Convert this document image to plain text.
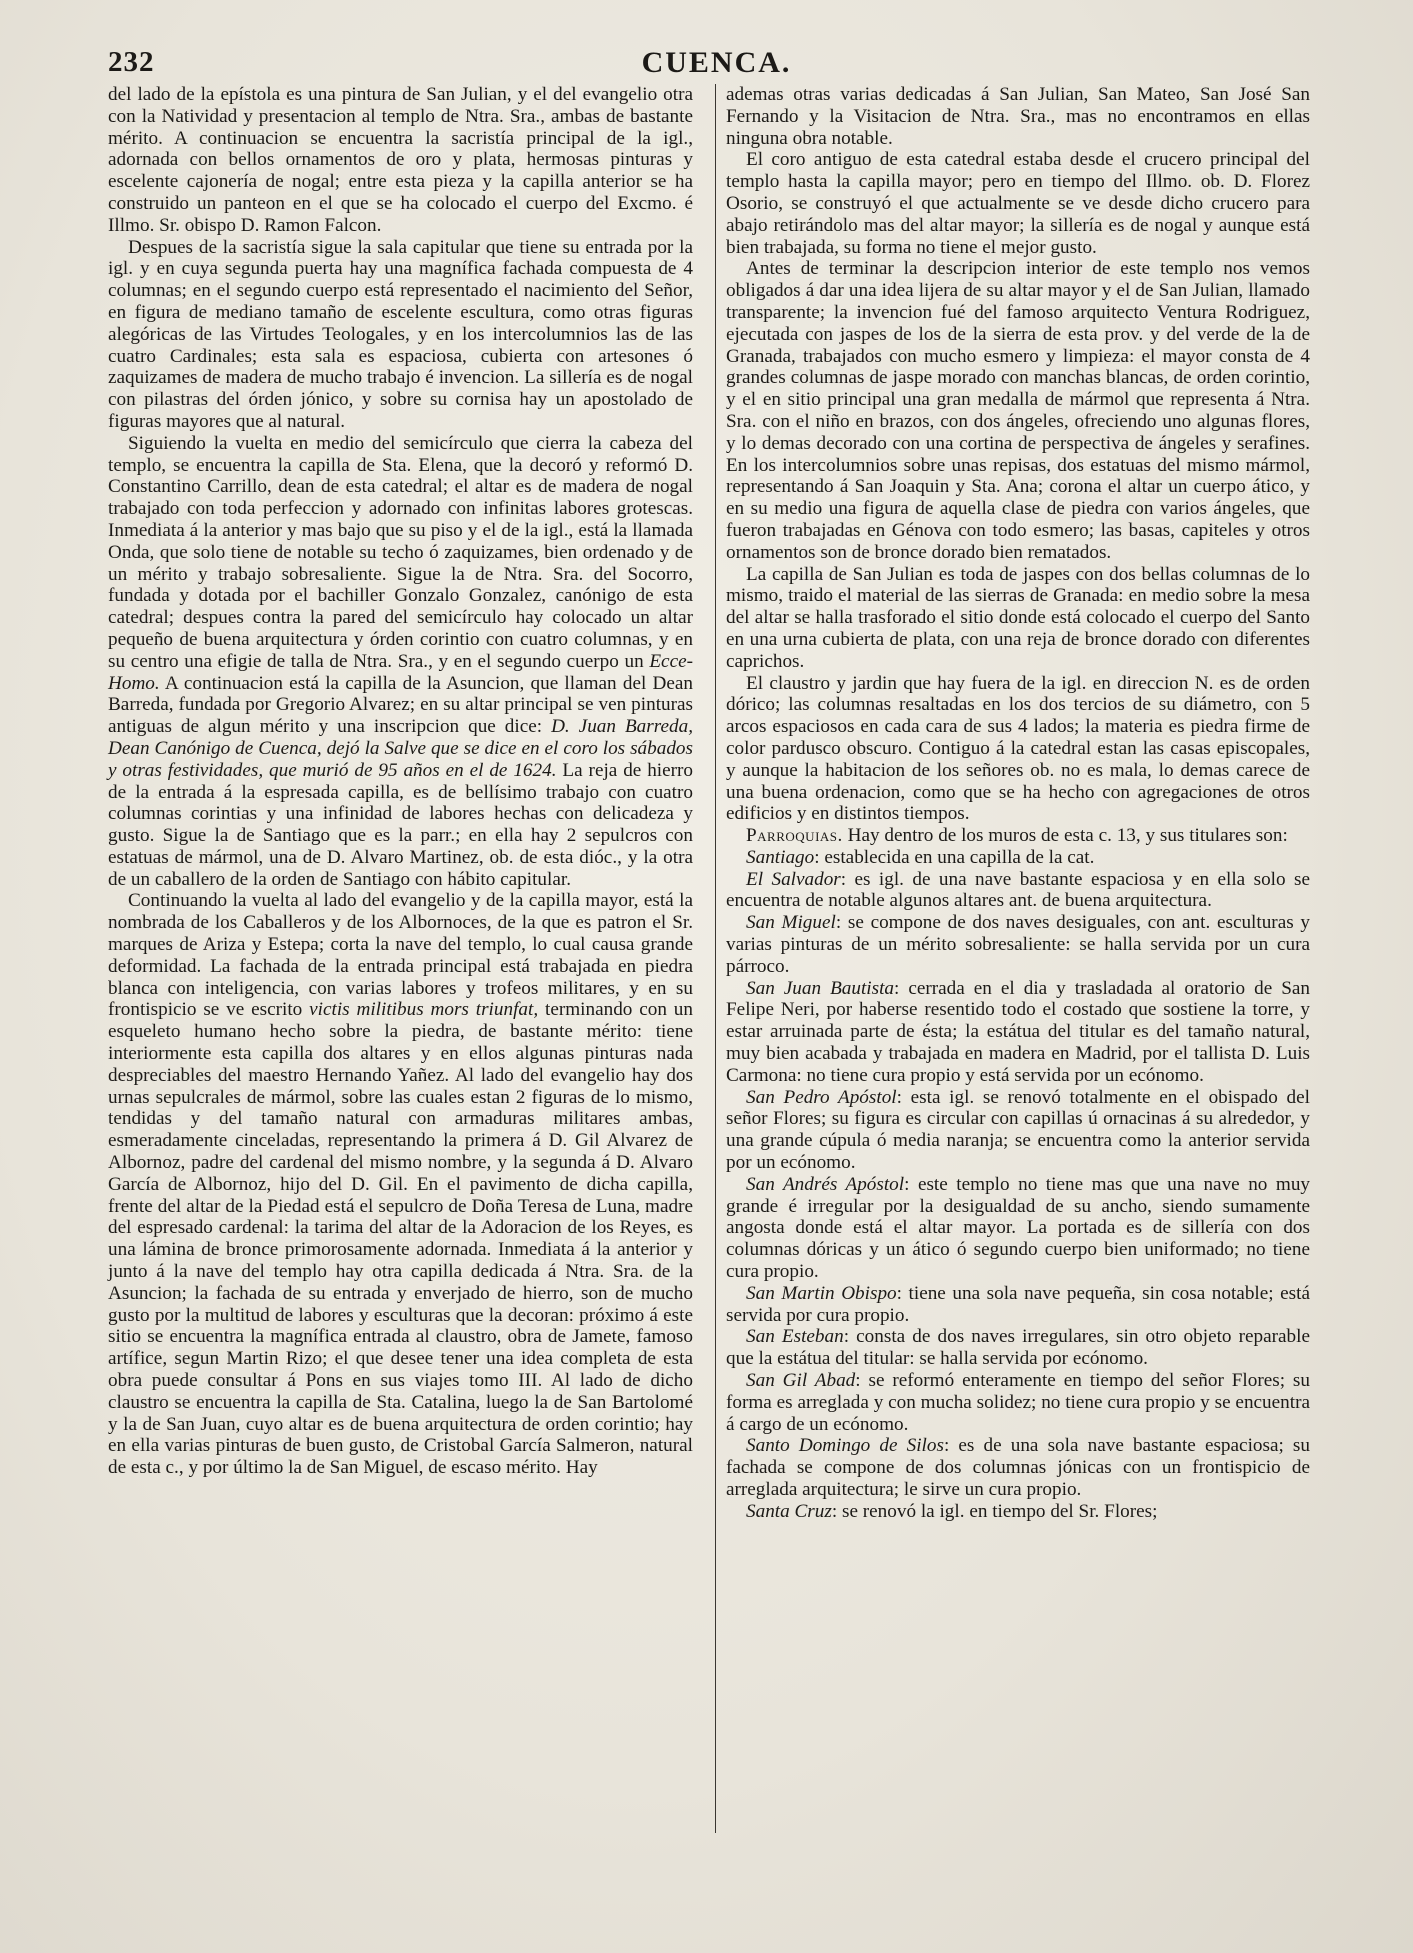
232	CUENCA.

del lado de la epístola es una pintura de San Julian, y el del evangelio otra con la Natividad y presentacion al templo de Ntra. Sra., ambas de bastante mérito. A continuacion se encuentra la sacristía principal de la igl., adornada con bellos ornamentos de oro y plata, hermosas pinturas y escelente cajonería de nogal; entre esta pieza y la capilla anterior se ha construido un panteon en el que se ha colocado el cuerpo del Excmo. é Illmo. Sr. obispo D. Ramon Falcon.

Despues de la sacristía sigue la sala capitular que tiene su entrada por la igl. y en cuya segunda puerta hay una magnífica fachada compuesta de 4 columnas; en el segundo cuerpo está representado el nacimiento del Señor, en figura de mediano tamaño de escelente escultura, como otras figuras alegóricas de las Virtudes Teologales, y en los intercolumnios las de las cuatro Cardinales; esta sala es espaciosa, cubierta con artesones ó zaquizames de madera de mucho trabajo é invencion. La sillería es de nogal con pilastras del órden jónico, y sobre su cornisa hay un apostolado de figuras mayores que al natural.

Siguiendo la vuelta en medio del semicírculo que cierra la cabeza del templo, se encuentra la capilla de Sta. Elena, que la decoró y reformó D. Constantino Carrillo, dean de esta catedral; el altar es de madera de nogal trabajado con toda perfeccion y adornado con infinitas labores grotescas. Inmediata á la anterior y mas bajo que su piso y el de la igl., está la llamada Onda, que solo tiene de notable su techo ó zaquizames, bien ordenado y de un mérito y trabajo sobresaliente. Sigue la de Ntra. Sra. del Socorro, fundada y dotada por el bachiller Gonzalo Gonzalez, canónigo de esta catedral; despues contra la pared del semicírculo hay colocado un altar pequeño de buena arquitectura y órden corintio con cuatro columnas, y en su centro una efigie de talla de Ntra. Sra., y en el segundo cuerpo un Ecce-Homo. A continuacion está la capilla de la Asuncion, que llaman del Dean Barreda, fundada por Gregorio Alvarez; en su altar principal se ven pinturas antiguas de algun mérito y una inscripcion que dice: D. Juan Barreda, Dean Canónigo de Cuenca, dejó la Salve que se dice en el coro los sábados y otras festividades, que murió de 95 años en el de 1624. La reja de hierro de la entrada á la espresada capilla, es de bellísimo trabajo con cuatro columnas corintias y una infinidad de labores hechas con delicadeza y gusto. Sigue la de Santiago que es la parr.; en ella hay 2 sepulcros con estatuas de mármol, una de D. Alvaro Martinez, ob. de esta dióc., y la otra de un caballero de la orden de Santiago con hábito capitular.

Continuando la vuelta al lado del evangelio y de la capilla mayor, está la nombrada de los Caballeros y de los Albornoces, de la que es patron el Sr. marques de Ariza y Estepa; corta la nave del templo, lo cual causa grande deformidad. La fachada de la entrada principal está trabajada en piedra blanca con inteligencia, con varias labores y trofeos militares, y en su frontispicio se ve escrito victis militibus mors triunfat, terminando con un esqueleto humano hecho sobre la piedra, de bastante mérito: tiene interiormente esta capilla dos altares y en ellos algunas pinturas nada despreciables del maestro Hernando Yañez. Al lado del evangelio hay dos urnas sepulcrales de mármol, sobre las cuales estan 2 figuras de lo mismo, tendidas y del tamaño natural con armaduras militares ambas, esmeradamente cinceladas, representando la primera á D. Gil Alvarez de Albornoz, padre del cardenal del mismo nombre, y la segunda á D. Alvaro García de Albornoz, hijo del D. Gil. En el pavimento de dicha capilla, frente del altar de la Piedad está el sepulcro de Doña Teresa de Luna, madre del espresado cardenal: la tarima del altar de la Adoracion de los Reyes, es una lámina de bronce primorosamente adornada. Inmediata á la anterior y junto á la nave del templo hay otra capilla dedicada á Ntra. Sra. de la Asuncion; la fachada de su entrada y enverjado de hierro, son de mucho gusto por la multitud de labores y esculturas que la decoran: próximo á este sitio se encuentra la magnífica entrada al claustro, obra de Jamete, famoso artífice, segun Martin Rizo; el que desee tener una idea completa de esta obra puede consultar á Pons en sus viajes tomo III. Al lado de dicho claustro se encuentra la capilla de Sta. Catalina, luego la de San Bartolomé y la de San Juan, cuyo altar es de buena arquitectura de orden corintio; hay en ella varias pinturas de buen gusto, de Cristobal García Salmeron, natural de esta c., y por último la de San Miguel, de escaso mérito. Hay

ademas otras varias dedicadas á San Julian, San Mateo, San José San Fernando y la Visitacion de Ntra. Sra., mas no encontramos en ellas ninguna obra notable.

El coro antiguo de esta catedral estaba desde el crucero principal del templo hasta la capilla mayor; pero en tiempo del Illmo. ob. D. Florez Osorio, se construyó el que actualmente se ve desde dicho crucero para abajo retirándolo mas del altar mayor; la sillería es de nogal y aunque está bien trabajada, su forma no tiene el mejor gusto.

Antes de terminar la descripcion interior de este templo nos vemos obligados á dar una idea lijera de su altar mayor y el de San Julian, llamado transparente; la invencion fué del famoso arquitecto Ventura Rodriguez, ejecutada con jaspes de los de la sierra de esta prov. y del verde de la de Granada, trabajados con mucho esmero y limpieza: el mayor consta de 4 grandes columnas de jaspe morado con manchas blancas, de orden corintio, y el en sitio principal una gran medalla de mármol que representa á Ntra. Sra. con el niño en brazos, con dos ángeles, ofreciendo uno algunas flores, y lo demas decorado con una cortina de perspectiva de ángeles y serafines. En los intercolumnios sobre unas repisas, dos estatuas del mismo mármol, representando á San Joaquin y Sta. Ana; corona el altar un cuerpo ático, y en su medio una figura de aquella clase de piedra con varios ángeles, que fueron trabajadas en Génova con todo esmero; las basas, capiteles y otros ornamentos son de bronce dorado bien rematados.

La capilla de San Julian es toda de jaspes con dos bellas columnas de lo mismo, traido el material de las sierras de Granada: en medio sobre la mesa del altar se halla trasforado el sitio donde está colocado el cuerpo del Santo en una urna cubierta de plata, con una reja de bronce dorado con diferentes caprichos.

El claustro y jardin que hay fuera de la igl. en direccion N. es de orden dórico; las columnas resaltadas en los dos tercios de su diámetro, con 5 arcos espaciosos en cada cara de sus 4 lados; la materia es piedra firme de color pardusco obscuro. Contiguo á la catedral estan las casas episcopales, y aunque la habitacion de los señores ob. no es mala, lo demas carece de una buena ordenacion, como que se ha hecho con agregaciones de otros edificios y en distintos tiempos.

Parroquias. Hay dentro de los muros de esta c. 13, y sus titulares son:

Santiago: establecida en una capilla de la cat.

El Salvador: es igl. de una nave bastante espaciosa y en ella solo se encuentra de notable algunos altares ant. de buena arquitectura.

San Miguel: se compone de dos naves desiguales, con ant. esculturas y varias pinturas de un mérito sobresaliente: se halla servida por un cura párroco.

San Juan Bautista: cerrada en el dia y trasladada al oratorio de San Felipe Neri, por haberse resentido todo el costado que sostiene la torre, y estar arruinada parte de ésta; la estátua del titular es del tamaño natural, muy bien acabada y trabajada en madera en Madrid, por el tallista D. Luis Carmona: no tiene cura propio y está servida por un ecónomo.

San Pedro Apóstol: esta igl. se renovó totalmente en el obispado del señor Flores; su figura es circular con capillas ú ornacinas á su alrededor, y una grande cúpula ó media naranja; se encuentra como la anterior servida por un ecónomo.

San Andrés Apóstol: este templo no tiene mas que una nave no muy grande é irregular por la desigualdad de su ancho, siendo sumamente angosta donde está el altar mayor. La portada es de sillería con dos columnas dóricas y un ático ó segundo cuerpo bien uniformado; no tiene cura propio.

San Martin Obispo: tiene una sola nave pequeña, sin cosa notable; está servida por cura propio.

San Esteban: consta de dos naves irregulares, sin otro objeto reparable que la estátua del titular: se halla servida por ecónomo.

San Gil Abad: se reformó enteramente en tiempo del señor Flores; su forma es arreglada y con mucha solidez; no tiene cura propio y se encuentra á cargo de un ecónomo.

Santo Domingo de Silos: es de una sola nave bastante espaciosa; su fachada se compone de dos columnas jónicas con un frontispicio de arreglada arquitectura; le sirve un cura propio.

Santa Cruz: se renovó la igl. en tiempo del Sr. Flores;
